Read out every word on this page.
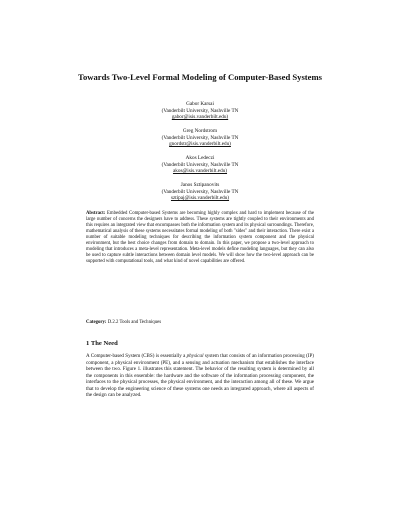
Towards Two-Level Formal Modeling of Computer-Based Systems
Gabor Karsai
(Vanderbilt University, Nashville TN
gabor@isis.vanderbilt.edu)
Greg Nordstrom
(Vanderbilt University, Nashville TN
gnordstr@isis.vanderbilt.edu)
Akos Ledeczi
(Vanderbilt University, Nashville TN
akos@isis.vanderbilt.edu)
Janos Sztipanovits
(Vanderbilt University, Nashville TN
sztipaj@isis.vanderbilt.edu)
Abstract: Embedded Computer-based Systems are becoming highly complex and hard to implement because of the large number of concerns the designers have to address. These systems are tightly coupled to their environments and this requires an integrated view that encompasses both the information system and its physical surroundings. Therefore, mathematical analysis of these systems necessitates formal modeling of both "sides" and their interaction. There exist a number of suitable modeling techniques for describing the information system component and the physical environment, but the best choice changes from domain to domain. In this paper, we propose a two-level approach to modeling that introduces a meta-level representation. Meta-level models define modeling languages, but they can also be used to capture subtle interactions between domain level models. We will show how the two-level approach can be supported with computational tools, and what kind of novel capabilities are offered.
Category: D.2.2 Tools and Techniques
1 The Need
A Computer-based System (CBS) is essentially a physical system that consists of an information processing (IP) component, a physical environment (PE), and a sensing and actuation mechanism that establishes the interface between the two. Figure 1. illustrates this statement. The behavior of the resulting system is determined by all the components in this ensemble: the hardware and the software of the information processing component, the interfaces to the physical processes, the physical environment, and the interaction among all of these. We argue that to develop the engineering science of these systems one needs an integrated approach, where all aspects of the design can be analyzed.
